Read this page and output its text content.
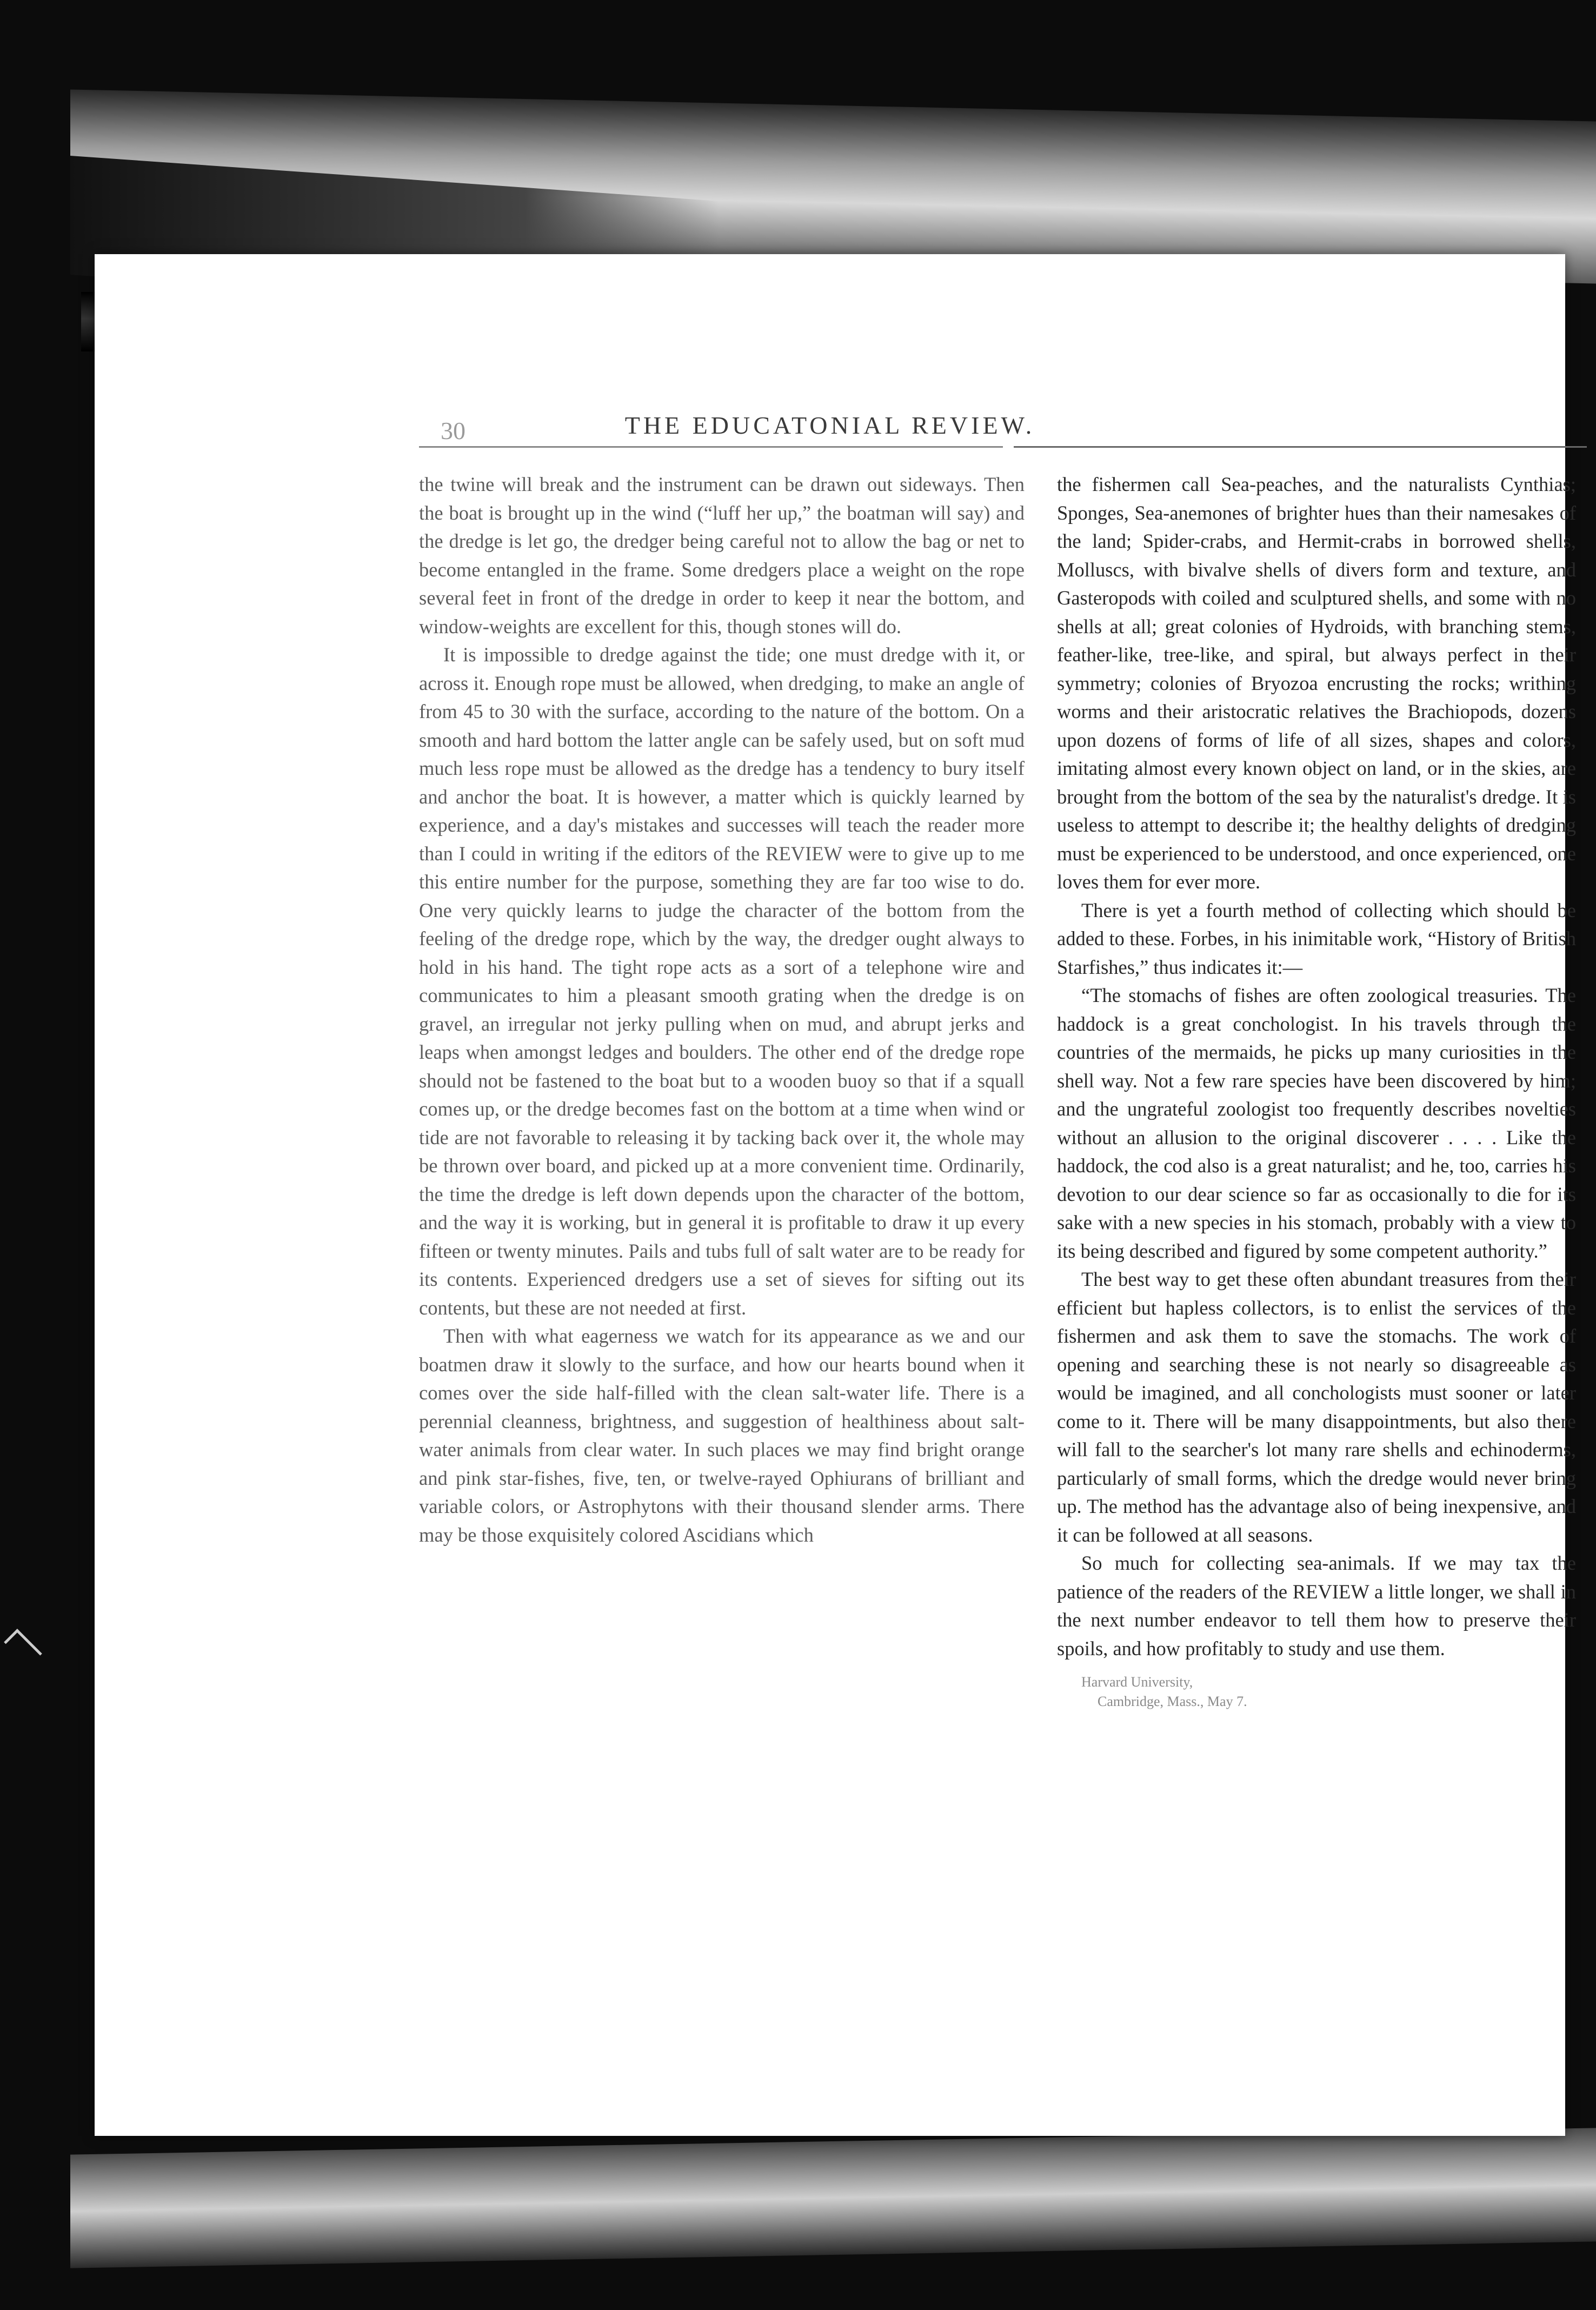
30	THE EDUCATONIAL REVIEW.

the twine will break and the instrument can be drawn out sideways. Then the boat is brought up in the wind (“luff her up,” the boatman will say) and the dredge is let go, the dredger being careful not to allow the bag or net to become entangled in the frame. Some dredgers place a weight on the rope several feet in front of the dredge in order to keep it near the bottom, and window-weights are excellent for this, though stones will do.

It is impossible to dredge against the tide; one must dredge with it, or across it. Enough rope must be allowed, when dredging, to make an angle of from 45 to 30 with the surface, according to the nature of the bottom. On a smooth and hard bottom the latter angle can be safely used, but on soft mud much less rope must be allowed as the dredge has a tendency to bury itself and anchor the boat. It is however, a matter which is quickly learned by experience, and a day's mistakes and successes will teach the reader more than I could in writing if the editors of the REVIEW were to give up to me this entire number for the purpose, something they are far too wise to do. One very quickly learns to judge the character of the bottom from the feeling of the dredge rope, which by the way, the dredger ought always to hold in his hand. The tight rope acts as a sort of a telephone wire and communicates to him a pleasant smooth grating when the dredge is on gravel, an irregular not jerky pulling when on mud, and abrupt jerks and leaps when amongst ledges and boulders. The other end of the dredge rope should not be fastened to the boat but to a wooden buoy so that if a squall comes up, or the dredge becomes fast on the bottom at a time when wind or tide are not favorable to releasing it by tacking back over it, the whole may be thrown over board, and picked up at a more convenient time. Ordinarily, the time the dredge is left down depends upon the character of the bottom, and the way it is working, but in general it is profitable to draw it up every fifteen or twenty minutes. Pails and tubs full of salt water are to be ready for its contents. Experienced dredgers use a set of sieves for sifting out its contents, but these are not needed at first.

Then with what eagerness we watch for its appearance as we and our boatmen draw it slowly to the surface, and how our hearts bound when it comes over the side half-filled with the clean salt-water life. There is a perennial cleanness, brightness, and suggestion of healthiness about salt-water animals from clear water. In such places we may find bright orange and pink star-fishes, five, ten, or twelve-rayed Ophiurans of brilliant and variable colors, or Astrophytons with their thousand slender arms. There may be those exquisitely colored Ascidians which

the fishermen call Sea-peaches, and the naturalists Cynthias; Sponges, Sea-anemones of brighter hues than their namesakes of the land; Spider-crabs, and Hermit-crabs in borrowed shells, Molluscs, with bivalve shells of divers form and texture, and Gasteropods with coiled and sculptured shells, and some with no shells at all; great colonies of Hydroids, with branching stems, feather-like, tree-like, and spiral, but always perfect in their symmetry; colonies of Bryozoa encrusting the rocks; writhing worms and their aristocratic relatives the Brachiopods, dozens upon dozens of forms of life of all sizes, shapes and colors, imitating almost every known object on land, or in the skies, are brought from the bottom of the sea by the naturalist's dredge. It is useless to attempt to describe it; the healthy delights of dredging must be experienced to be understood, and once experienced, one loves them for ever more.

There is yet a fourth method of collecting which should be added to these. Forbes, in his inimitable work, “History of British Starfishes,” thus indicates it:—

“The stomachs of fishes are often zoological treasuries. The haddock is a great conchologist. In his travels through the countries of the mermaids, he picks up many curiosities in the shell way. Not a few rare species have been discovered by him; and the ungrateful zoologist too frequently describes novelties without an allusion to the original discoverer . . . . Like the haddock, the cod also is a great naturalist; and he, too, carries his devotion to our dear science so far as occasionally to die for its sake with a new species in his stomach, probably with a view to its being described and figured by some competent authority.”

The best way to get these often abundant treasures from their efficient but hapless collectors, is to enlist the services of the fishermen and ask them to save the stomachs. The work of opening and searching these is not nearly so disagreeable as would be imagined, and all conchologists must sooner or later come to it. There will be many disappointments, but also there will fall to the searcher's lot many rare shells and echinoderms, particularly of small forms, which the dredge would never bring up. The method has the advantage also of being inexpensive, and it can be followed at all seasons.

So much for collecting sea-animals. If we may tax the patience of the readers of the REVIEW a little longer, we shall in the next number endeavor to tell them how to preserve their spoils, and how profitably to study and use them.

Harvard University,
Cambridge, Mass., May 7.
